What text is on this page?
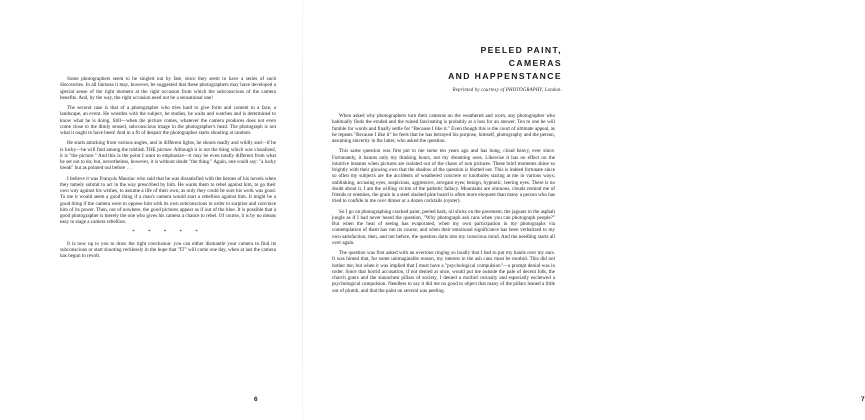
Some photographers seem to be singled out by fate, since they seem to have a series of such discoveries. In all fairness it may, however, be suggested that these photographers may have developed a special sense of the right moment at the right occasion from which the subconscious of the camera benefits. And, by the way, the right occasion need not be a sensational one!

The second case is that of a photographer who tries hard to give form and content to a face, a landscape, an event. He wrestles with the subject, he studies, he waits and watches and is determined to know what he is doing. Still—when the picture comes, whatever the camera produces does not even come close to the dimly sensed, subconscious image in the photographer's head. The photograph is not what it ought to have been! And in a fit of despair the photographer starts shooting at random.

He starts attacking from various angles, and in different lights, he shoots madly and wildly and—if he is lucky—he will find among the rubbish THE picture. Although it is not the thing which was visualized, it is "the picture." And this is the point I want to emphasize—it may be even totally different from what he set out to do; but, nevertheless, however, it is without doubt "the thing." Again, one could say: "a lucky break" but as pointed out before . . .

I believe it was François Mauriac who said that he was dissatisfied with the heroes of his novels when they tamely submit to act in the way prescribed by him. He wants them to rebel against him, to go their own way against his wishes, to assume a life of their own, as only they could be sure his work was good. To me it would seem a good thing if a man's camera would start a rebellion against him. It might be a good thing if the camera were to oppose him with its own subconscious in order to surprise and convince him of its power. Then, out of nowhere, the good pictures appear as if out of the blue. It is possible that a good photographer is merely the one who gives his camera a chance to rebel. Of course, it is by no means easy to stage a camera rebellion.

* * * * *

It is now up to you to draw the right conclusion: you can either dismantle your camera to find its subconscious or start shooting recklessly in the hope that "IT" will come one day, when at last the camera has begun to revolt.

6
PEELED PAINT,
CAMERAS
AND HAPPENSTANCE
Reprinted by courtesy of PHOTOGRAPHY, London.
7

When asked why photographers turn their cameras on the weathered and worn, any photographer who habitually finds the eroded and the ruined fascinating is probably at a loss for an answer. Ten to one he will fumble for words and finally settle for "Because I like it." Even though this is the court of ultimate appeal, as he repeats "Because I like it" he feels that he has betrayed his purpose, himself, photography and the person, assuming sincerity in the latter, who asked the question.

This same question was first put to me some ten years ago and has hung, cloud heavy, ever since. Fortunately, it haunts only my thinking hours, not my dreaming ones. Likewise it has no effect on the intuitive instants when pictures are isolated out of the chaos of non pictures. These brief moments shine so brightly with their glowing own that the shadow of the question is blotted out. This is indeed fortunate since so often my subjects are the accidents of weathered concrete or knotholes staring at me in various ways; unblinking, accusing eyes, suspicious, aggressive, arrogant eyes; benign, hypnotic, leering eyes. There is no doubt about it, I am the willing victim of the pathetic fallacy. Mountains are ominous, clouds remind me of friends or enemies, the grain in a steel slashed pine board is often more eloquent than many a person who has tried to confide in me over dinner or a dozen cocktails (oyster).

So I go on photographing cracked paint, peeled bark, oil slicks on the pavement, the jaguars in the asphalt jungle as if I had never heard the question, "Why photograph ash cans when you can photograph people?" But when the heat of seeing has evaporated, when my own participation in my photographs via contemplation of them has run its course, and when their emotional significance has been verbalized to my own satisfaction, then, and not before, the question darts into my conscious mind. And the needling starts all over again.

The question was first asked with an overtone ringing so loudly that I had to put my hands over my ears. It was hinted that, for some unimaginable reason, my interest in the ash cans must be morbid. This did not bother me; but when it was implied that I must have a "psychological compulsion"—a prompt denial was in order. Since that horrid accusation, if not denied at once, would put me outside the pale of decent folk, the church goers and the staunchest pillars of society, I denied a morbid curiosity and especially eschewed a psychological compulsion. Needless to say it did me no good to object that many of the pillars leaned a little out of plumb, and that the paint on several was peeling.
